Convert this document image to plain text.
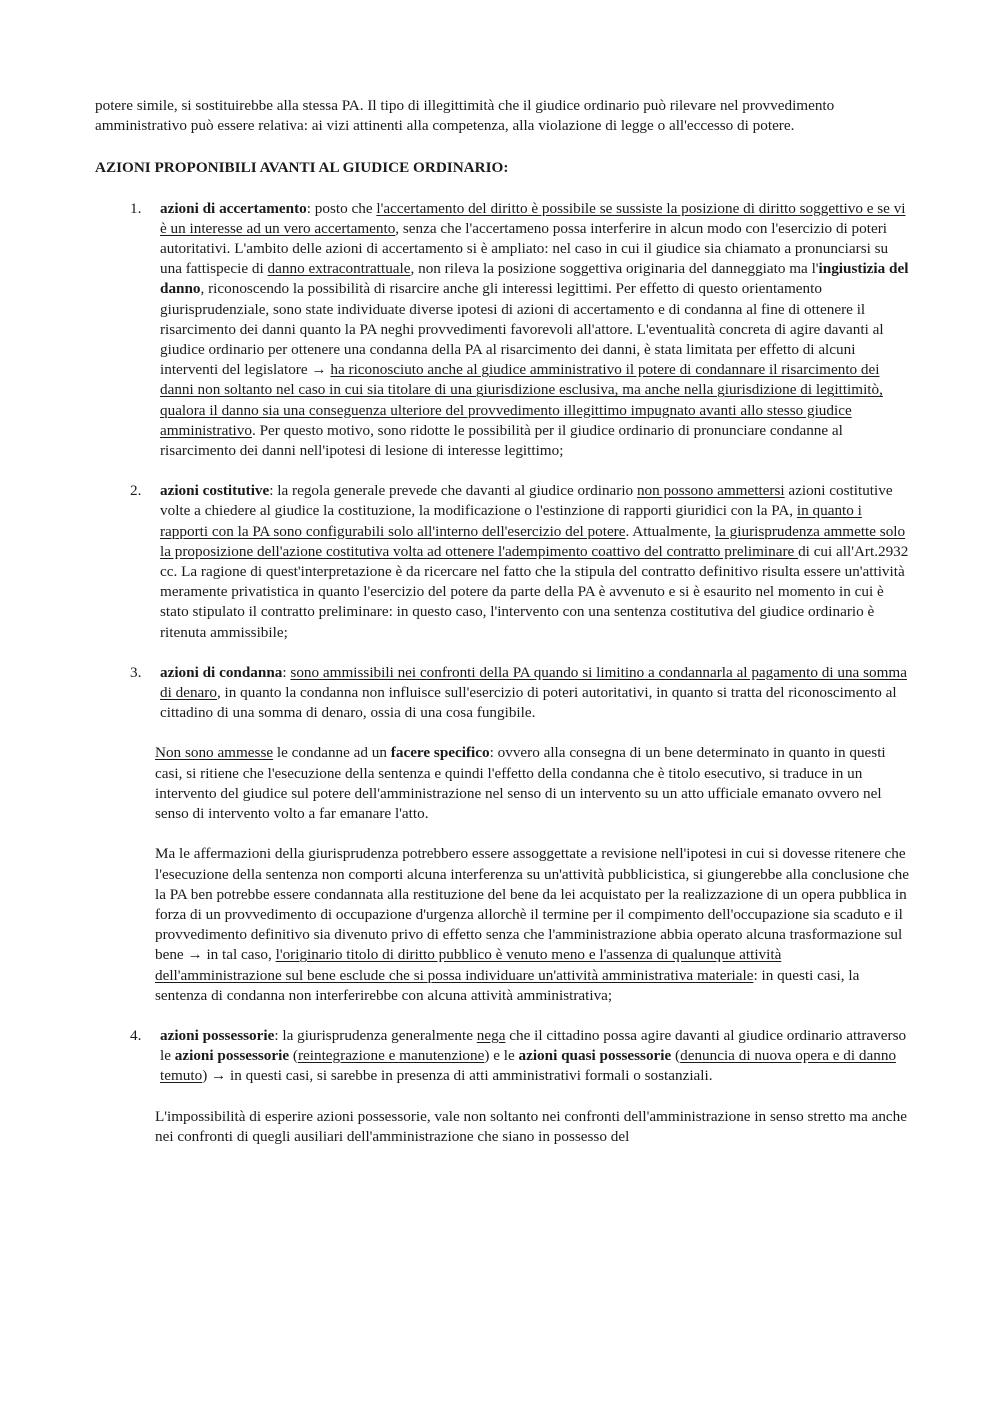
potere simile, si sostituirebbe alla stessa PA. Il tipo di illegittimità che il giudice ordinario può rilevare nel provvedimento amministrativo può essere relativa: ai vizi attinenti alla competenza, alla violazione di legge o all'eccesso di potere.

AZIONI PROPONIBILI AVANTI AL GIUDICE ORDINARIO:

1. azioni di accertamento: posto che l'accertamento del diritto è possibile se sussiste la posizione di diritto soggettivo e se vi è un interesse ad un vero accertamento, senza che l'accertameno possa interferire in alcun modo con l'esercizio di poteri autoritativi. L'ambito delle azioni di accertamento si è ampliato: nel caso in cui il giudice sia chiamato a pronunciarsi su una fattispecie di danno extracontrattuale, non rileva la posizione soggettiva originaria del danneggiato ma l'ingiustizia del danno, riconoscendo la possibilità di risarcire anche gli interessi legittimi. Per effetto di questo orientamento giurisprudenziale, sono state individuate diverse ipotesi di azioni di accertamento e di condanna al fine di ottenere il risarcimento dei danni quanto la PA neghi provvedimenti favorevoli all'attore. L'eventualità concreta di agire davanti al giudice ordinario per ottenere una condanna della PA al risarcimento dei danni, è stata limitata per effetto di alcuni interventi del legislatore → ha riconosciuto anche al giudice amministrativo il potere di condannare il risarcimento dei danni non soltanto nel caso in cui sia titolare di una giurisdizione esclusiva, ma anche nella giurisdizione di legittimitò, qualora il danno sia una conseguenza ulteriore del provvedimento illegittimo impugnato avanti allo stesso giudice amministrativo. Per questo motivo, sono ridotte le possibilità per il giudice ordinario di pronunciare condanne al risarcimento dei danni nell'ipotesi di lesione di interesse legittimo;

2. azioni costitutive: la regola generale prevede che davanti al giudice ordinario non possono ammettersi azioni costitutive volte a chiedere al giudice la costituzione, la modificazione o l'estinzione di rapporti giuridici con la PA, in quanto i rapporti con la PA sono configurabili solo all'interno dell'esercizio del potere. Attualmente, la giurisprudenza ammette solo la proposizione dell'azione costitutiva volta ad ottenere l'adempimento coattivo del contratto preliminare di cui all'Art.2932 cc. La ragione di quest'interpretazione è da ricercare nel fatto che la stipula del contratto definitivo risulta essere un'attività meramente privatistica in quanto l'esercizio del potere da parte della PA è avvenuto e si è esaurito nel momento in cui è stato stipulato il contratto preliminare: in questo caso, l'intervento con una sentenza costitutiva del giudice ordinario è ritenuta ammissibile;

3. azioni di condanna: sono ammissibili nei confronti della PA quando si limitino a condannarla al pagamento di una somma di denaro, in quanto la condanna non influisce sull'esercizio di poteri autoritativi, in quanto si tratta del riconoscimento al cittadino di una somma di denaro, ossia di una cosa fungibile.

Non sono ammesse le condanne ad un facere specifico: ovvero alla consegna di un bene determinato in quanto in questi casi, si ritiene che l'esecuzione della sentenza e quindi l'effetto della condanna che è titolo esecutivo, si traduce in un intervento del giudice sul potere dell'amministrazione nel senso di un intervento su un atto ufficiale emanato ovvero nel senso di intervento volto a far emanare l'atto.

Ma le affermazioni della giurisprudenza potrebbero essere assoggettate a revisione nell'ipotesi in cui si dovesse ritenere che l'esecuzione della sentenza non comporti alcuna interferenza su un'attività pubblicistica, si giungerebbe alla conclusione che la PA ben potrebbe essere condannata alla restituzione del bene da lei acquistato per la realizzazione di un opera pubblica in forza di un provvedimento di occupazione d'urgenza allorchè il termine per il compimento dell'occupazione sia scaduto e il provvedimento definitivo sia divenuto privo di effetto senza che l'amministrazione abbia operato alcuna trasformazione sul bene → in tal caso, l'originario titolo di diritto pubblico è venuto meno e l'assenza di qualunque attività dell'amministrazione sul bene esclude che si possa individuare un'attività amministrativa materiale: in questi casi, la sentenza di condanna non interferirebbe con alcuna attività amministrativa;

4. azioni possessorie: la giurisprudenza generalmente nega che il cittadino possa agire davanti al giudice ordinario attraverso le azioni possessorie (reintegrazione e manutenzione) e le azioni quasi possessorie (denuncia di nuova opera e di danno temuto) → in questi casi, si sarebbe in presenza di atti amministrativi formali o sostanziali.

L'impossibilità di esperire azioni possessorie, vale non soltanto nei confronti dell'amministrazione in senso stretto ma anche nei confronti di quegli ausiliari dell'amministrazione che siano in possesso del
